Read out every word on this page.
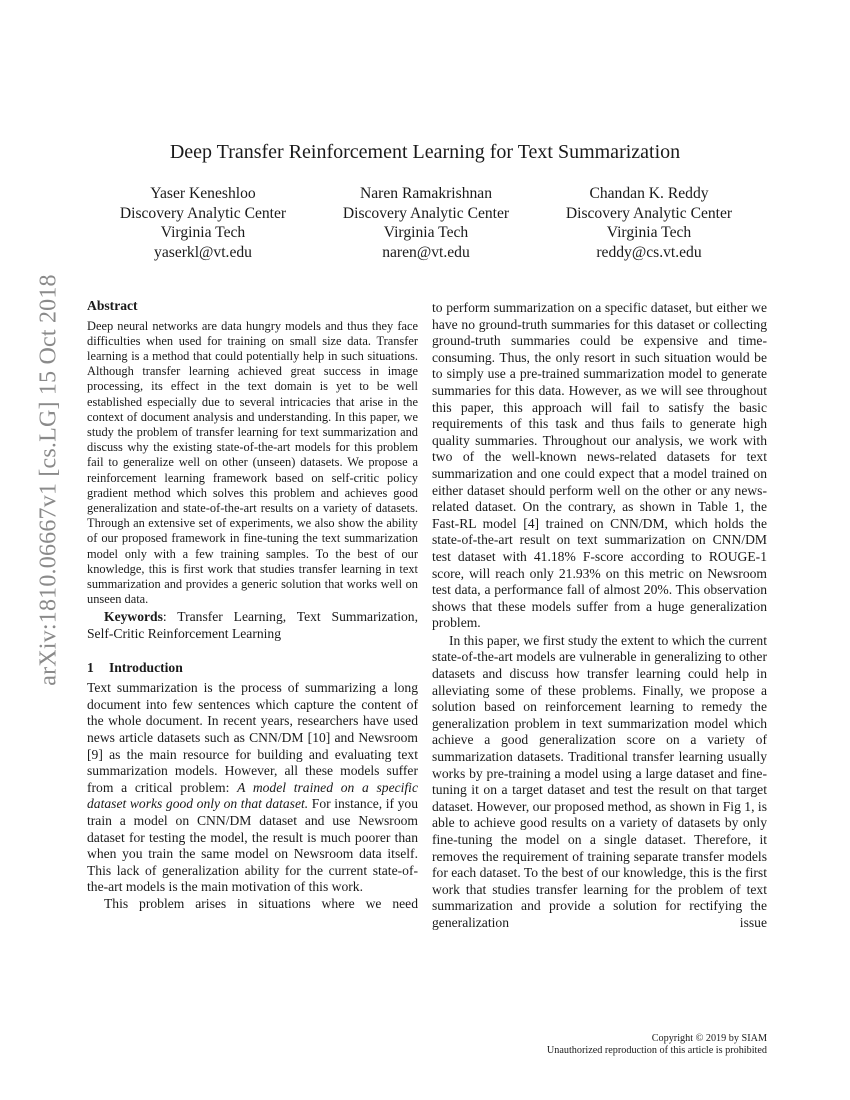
arXiv:1810.06667v1 [cs.LG] 15 Oct 2018
Deep Transfer Reinforcement Learning for Text Summarization
Yaser Keneshloo
Discovery Analytic Center
Virginia Tech
yaserkl@vt.edu
Naren Ramakrishnan
Discovery Analytic Center
Virginia Tech
naren@vt.edu
Chandan K. Reddy
Discovery Analytic Center
Virginia Tech
reddy@cs.vt.edu

Abstract

Deep neural networks are data hungry models and thus they face difficulties when used for training on small size data. Transfer learning is a method that could potentially help in such situations. Although transfer learning achieved great success in image processing, its effect in the text domain is yet to be well established especially due to several intricacies that arise in the context of document analysis and understanding. In this paper, we study the problem of transfer learning for text summarization and discuss why the existing state-of-the-art models for this problem fail to generalize well on other (unseen) datasets. We propose a reinforcement learning framework based on self-critic policy gradient method which solves this problem and achieves good generalization and state-of-the-art results on a variety of datasets. Through an extensive set of experiments, we also show the ability of our proposed framework in fine-tuning the text summarization model only with a few training samples. To the best of our knowledge, this is first work that studies transfer learning in text summarization and provides a generic solution that works well on unseen data.

Keywords: Transfer Learning, Text Summarization, Self-Critic Reinforcement Learning

1 Introduction

Text summarization is the process of summarizing a long document into few sentences which capture the content of the whole document. In recent years, researchers have used news article datasets such as CNN/DM [10] and Newsroom [9] as the main resource for building and evaluating text summarization models. However, all these models suffer from a critical problem: A model trained on a specific dataset works good only on that dataset. For instance, if you train a model on CNN/DM dataset and use Newsroom dataset for testing the model, the result is much poorer than when you train the same model on Newsroom data itself. This lack of generalization ability for the current state-of-the-art models is the main motivation of this work.

This problem arises in situations where we need

to perform summarization on a specific dataset, but either we have no ground-truth summaries for this dataset or collecting ground-truth summaries could be expensive and time-consuming. Thus, the only resort in such situation would be to simply use a pre-trained summarization model to generate summaries for this data. However, as we will see throughout this paper, this approach will fail to satisfy the basic requirements of this task and thus fails to generate high quality summaries. Throughout our analysis, we work with two of the well-known news-related datasets for text summarization and one could expect that a model trained on either dataset should perform well on the other or any news-related dataset. On the contrary, as shown in Table 1, the Fast-RL model [4] trained on CNN/DM, which holds the state-of-the-art result on text summarization on CNN/DM test dataset with 41.18% F-score according to ROUGE-1 score, will reach only 21.93% on this metric on Newsroom test data, a performance fall of almost 20%. This observation shows that these models suffer from a huge generalization problem.

In this paper, we first study the extent to which the current state-of-the-art models are vulnerable in generalizing to other datasets and discuss how transfer learning could help in alleviating some of these problems. Finally, we propose a solution based on reinforcement learning to remedy the generalization problem in text summarization model which achieve a good generalization score on a variety of summarization datasets. Traditional transfer learning usually works by pre-training a model using a large dataset and fine-tuning it on a target dataset and test the result on that target dataset. However, our proposed method, as shown in Fig 1, is able to achieve good results on a variety of datasets by only fine-tuning the model on a single dataset. Therefore, it removes the requirement of training separate transfer models for each dataset. To the best of our knowledge, this is the first work that studies transfer learning for the problem of text summarization and provide a solution for rectifying the generalization issue

Copyright © 2019 by SIAM
Unauthorized reproduction of this article is prohibited
